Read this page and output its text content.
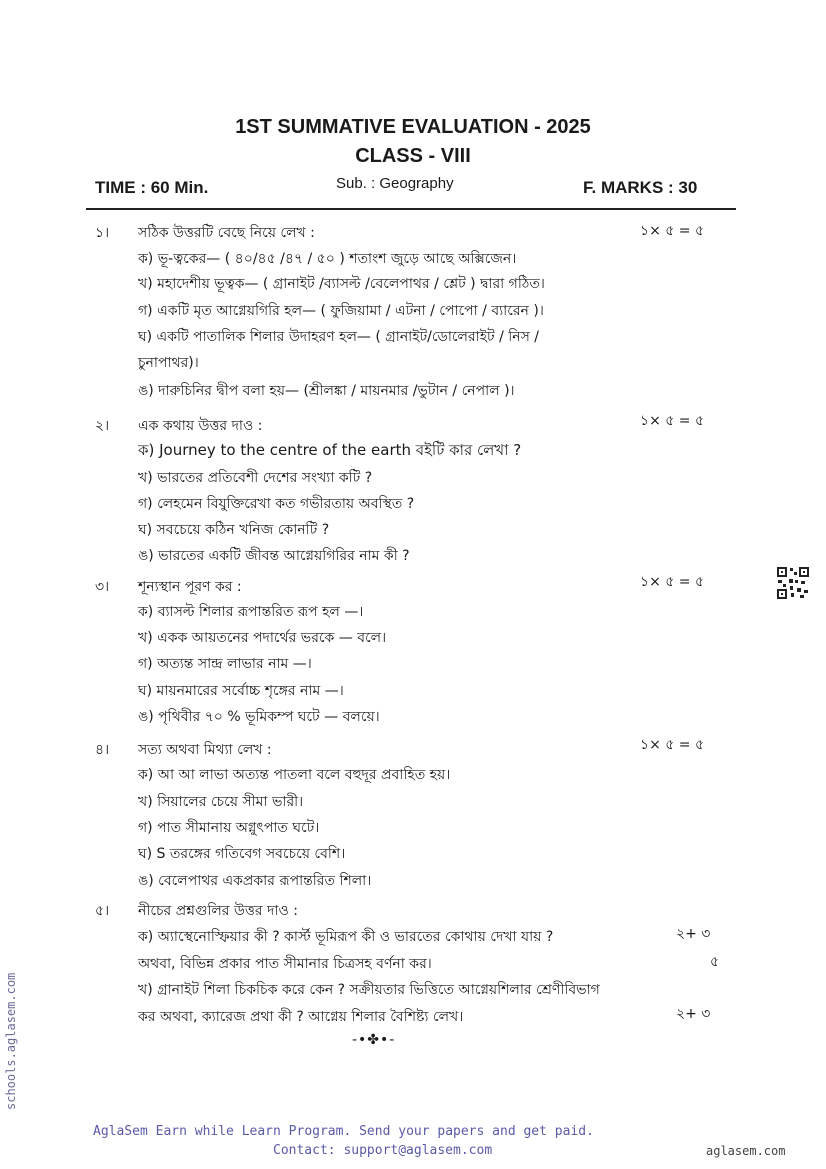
1ST SUMMATIVE EVALUATION - 2025
CLASS - VIII
TIME : 60 Min.	Sub. : Geography	F. MARKS : 30
১। সঠিক উত্তরটি বেছে নিয়ে লেখ :	১× ৫ = ৫
ক) ভূ-ত্বকের— ( ৪০/৪৫ /৪৭ / ৫০ ) শতাংশ জুড়ে আছে অক্সিজেন।
খ) মহাদেশীয় ভূত্বক— ( গ্রানাইট /ব্যাসল্ট /বেলেপাথর / শ্লেট ) দ্বারা গঠিত।
গ) একটি মৃত আগ্নেয়গিরি হল— ( ফুজিয়ামা / এটনা / পোপো / ব্যারেন )।
ঘ) একটি পাতালিক শিলার উদাহরণ হল— ( গ্রানাইট/ডোলেরাইট / নিস /
চুনাপাথর)।
ঙ) দারুচিনির দ্বীপ বলা হয়— (শ্রীলঙ্কা / মায়নমার /ভুটান / নেপাল )।
২। এক কথায় উত্তর দাও :	১× ৫ = ৫
ক) Journey to the centre of the earth বইটি কার লেখা ?
খ) ভারতের প্রতিবেশী দেশের সংখ্যা কটি ?
গ) লেহমেন বিযুক্তিরেখা কত গভীরতায় অবস্থিত ?
ঘ) সবচেয়ে কঠিন খনিজ কোনটি ?
ঙ) ভারতের একটি জীবন্ত আগ্নেয়গিরির নাম কী ?
৩। শূন্যস্থান পূরণ কর :	১× ৫ = ৫
ক) ব্যাসল্ট শিলার রূপান্তরিত রূপ হল —।
খ) একক আয়তনের পদার্থের ভরকে — বলে।
গ) অত্যন্ত সান্দ্র লাভার নাম —।
ঘ) মায়নমারের সর্বোচ্চ শৃঙ্গের নাম —।
ঙ) পৃথিবীর ৭০ % ভূমিকম্প ঘটে — বলয়ে।
৪। সত্য অথবা মিথ্যা লেখ :	১× ৫ = ৫
ক) আ আ লাভা অত্যন্ত পাতলা বলে বহুদূর প্রবাহিত হয়।
খ) সিয়ালের চেয়ে সীমা ভারী।
গ) পাত সীমানায় অগ্নুৎপাত ঘটে।
ঘ) S তরঙ্গের গতিবেগ সবচেয়ে বেশি।
ঙ) বেলেপাথর একপ্রকার রূপান্তরিত শিলা।
৫। নীচের প্রশ্নগুলির উত্তর দাও :
ক) অ্যাস্থেনোস্ফিয়ার কী ? কার্স্ট ভূমিরূপ কী ও ভারতের কোথায় দেখা যায় ?	২+ ৩
অথবা, বিভিন্ন প্রকার পাত সীমানার চিত্রসহ বর্ণনা কর।	৫
খ) গ্রানাইট শিলা চিকচিক করে কেন ? সক্রীয়তার ভিত্তিতে আগ্নেয়শিলার শ্রেণীবিভাগ
কর অথবা, ক্যারেজ প্রথা কী ? আগ্নেয় শিলার বৈশিষ্ট্য লেখ।	২+ ৩
-•✤•-
schools.aglasem.com
AglaSem Earn while Learn Program. Send your papers and get paid.
Contact: support@aglasem.com	aglasem.com
